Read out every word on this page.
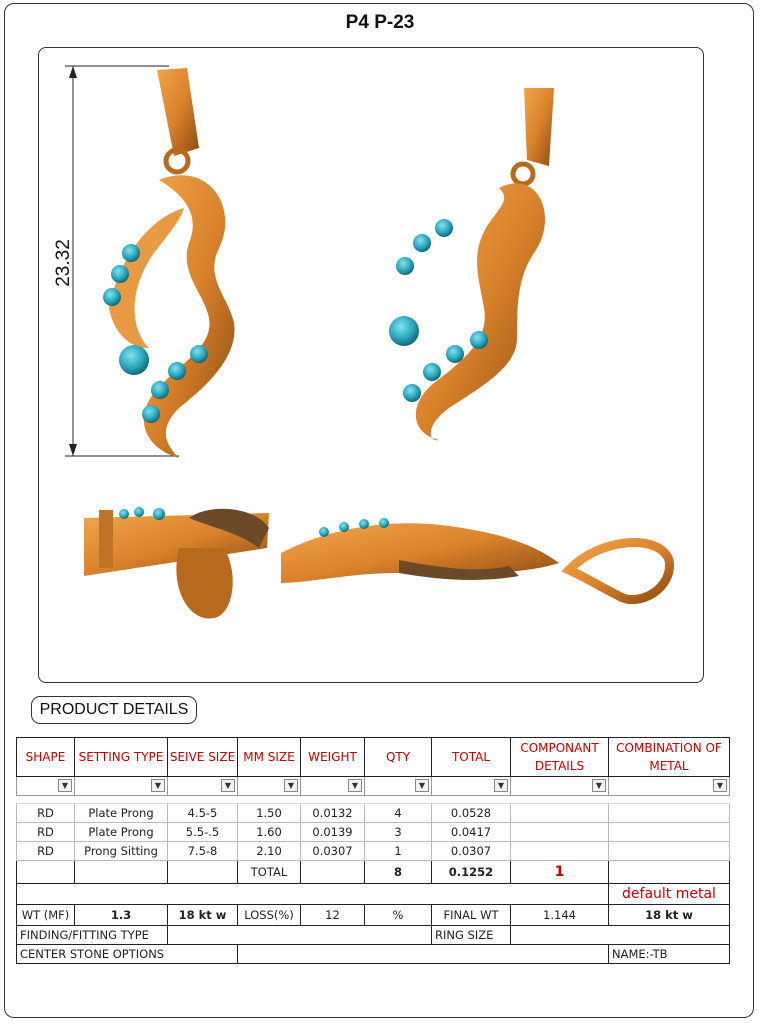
P4 P-23
23.32
PRODUCT DETAILS
SHAPE	SETTING TYPE	SEIVE SIZE	MM SIZE	WEIGHT	QTY	TOTAL	COMPONANT DETAILS	COMBINATION OF METAL

▼	▼	▼	▼	▼	▼	▼	▼	▼

RD	Plate Prong	4.5-5	1.50	0.0132	4	0.0528		
RD	Plate Prong	5.5-.5	1.60	0.0139	3	0.0417		
RD	Prong Sitting	7.5-8	2.10	0.0307	1	0.0307		
			TOTAL		8	0.1252	1	
								default metal
WT (MF)	1.3	18 kt w	LOSS(%)	12	%	FINAL WT	1.144	18 kt w
FINDING/FITTING TYPE						RING SIZE		
CENTER STONE OPTIONS								NAME:-TB
